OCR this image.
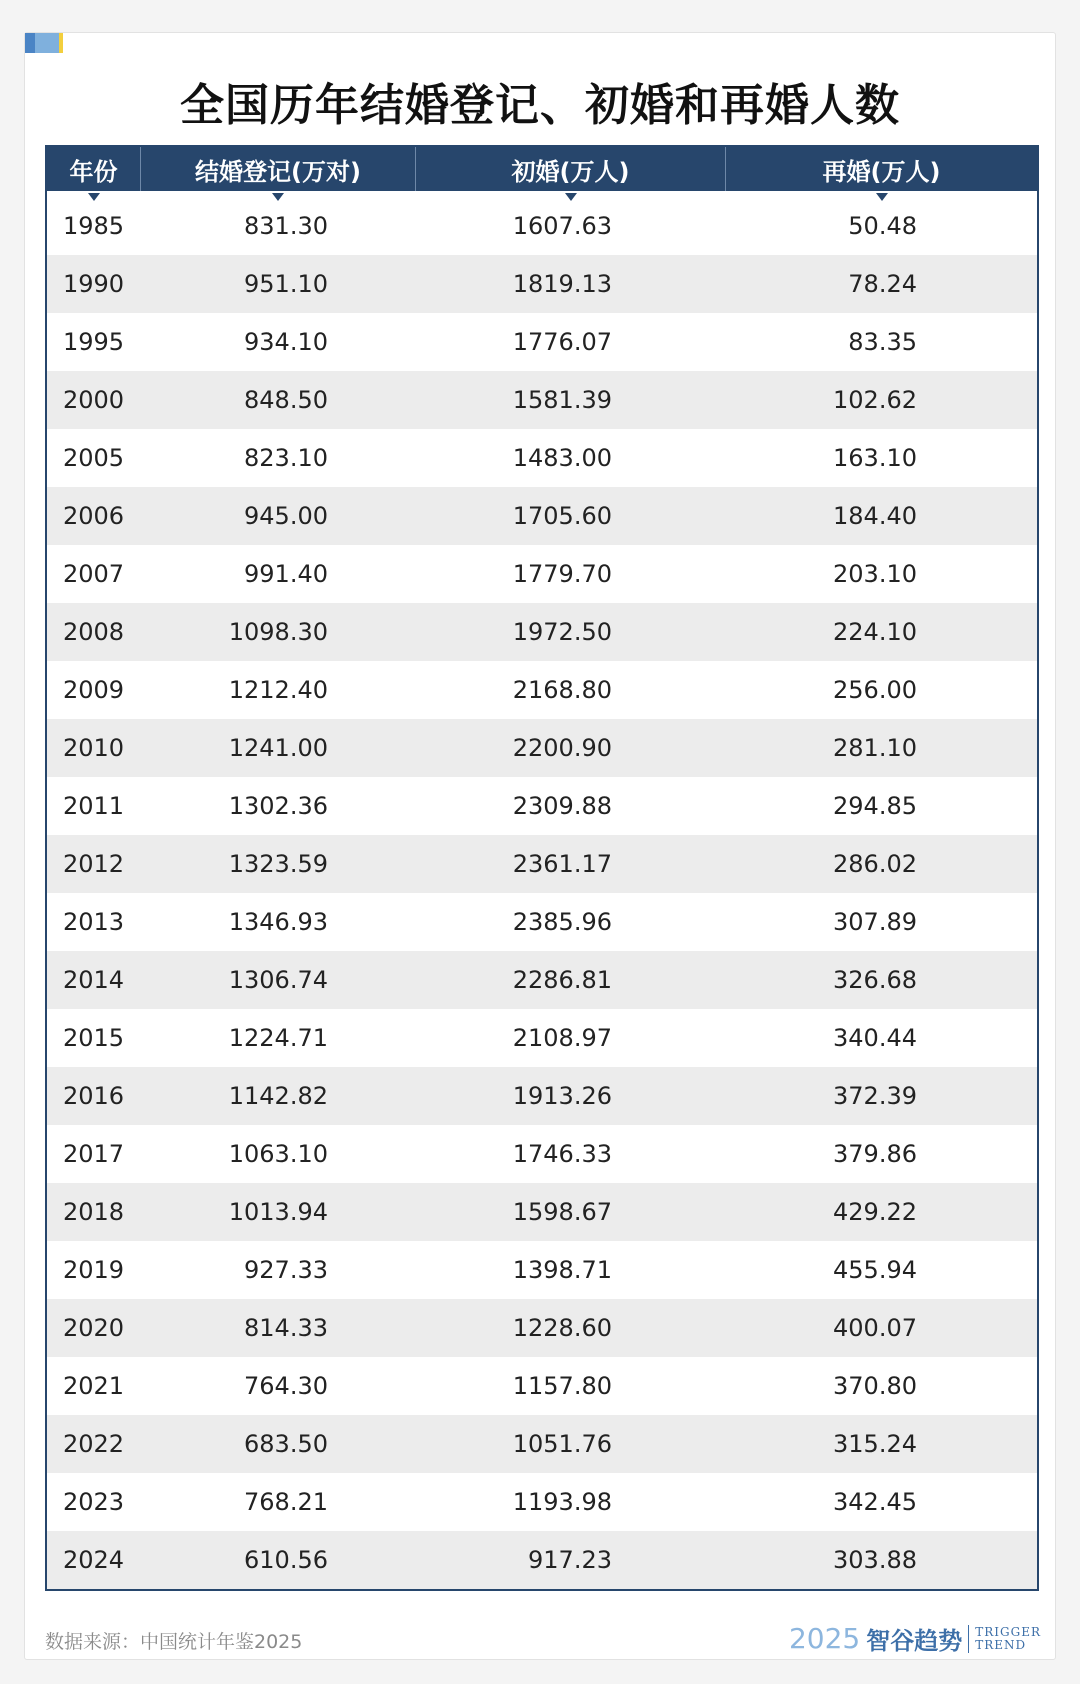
全国历年结婚登记、初婚和再婚人数
年份	结婚登记(万对)	初婚(万人)	再婚(万人)
1985	831.30	1607.63	50.48
1990	951.10	1819.13	78.24
1995	934.10	1776.07	83.35
2000	848.50	1581.39	102.62
2005	823.10	1483.00	163.10
2006	945.00	1705.60	184.40
2007	991.40	1779.70	203.10
2008	1098.30	1972.50	224.10
2009	1212.40	2168.80	256.00
2010	1241.00	2200.90	281.10
2011	1302.36	2309.88	294.85
2012	1323.59	2361.17	286.02
2013	1346.93	2385.96	307.89
2014	1306.74	2286.81	326.68
2015	1224.71	2108.97	340.44
2016	1142.82	1913.26	372.39
2017	1063.10	1746.33	379.86
2018	1013.94	1598.67	429.22
2019	927.33	1398.71	455.94
2020	814.33	1228.60	400.07
2021	764.30	1157.80	370.80
2022	683.50	1051.76	315.24
2023	768.21	1193.98	342.45
2024	610.56	917.23	303.88
数据来源：中国统计年鉴2025	2025 智谷趋势 TRIGGER
TREND
